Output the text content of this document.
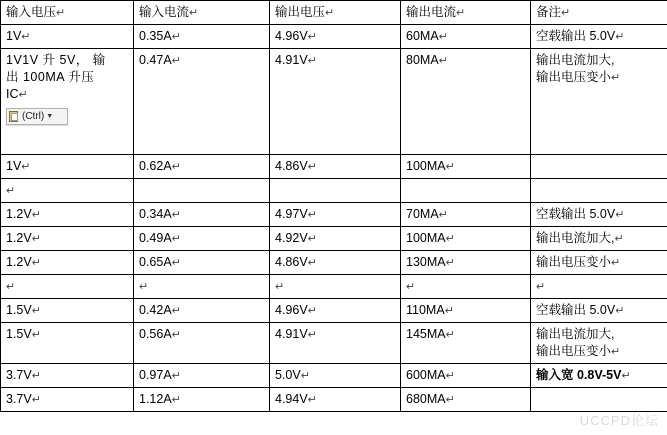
输入电压↵	输入电流↵	输出电压↵	输出电流↵	备注↵
1V↵	0.35A↵	4.96V↵	60MA↵	空载输出 5.0V↵

1V1V 升 5V， 输
出 100MA 升压
IC↵
(Ctrl) ▼
	0.47A↵	4.91V↵	80MA↵	输出电流加大,
输出电压变小↵

1V↵	0.62A↵	4.86V↵	100MA↵	
↵				
1.2V↵	0.34A↵	4.97V↵	70MA↵	空载输出 5.0V↵
1.2V↵	0.49A↵	4.92V↵	100MA↵	输出电流加大,↵
1.2V↵	0.65A↵	4.86V↵	130MA↵	输出电压变小↵
↵	↵	↵	↵	↵
1.5V↵	0.42A↵	4.96V↵	110MA↵	空载输出 5.0V↵
1.5V↵	0.56A↵	4.91V↵	145MA↵	输出电流加大,
输出电压变小↵

3.7V↵	0.97A↵	5.0V↵	600MA↵	输入宽 0.8V-5V↵
3.7V↵	1.12A↵	4.94V↵	680MA↵	
UCCPD论坛
